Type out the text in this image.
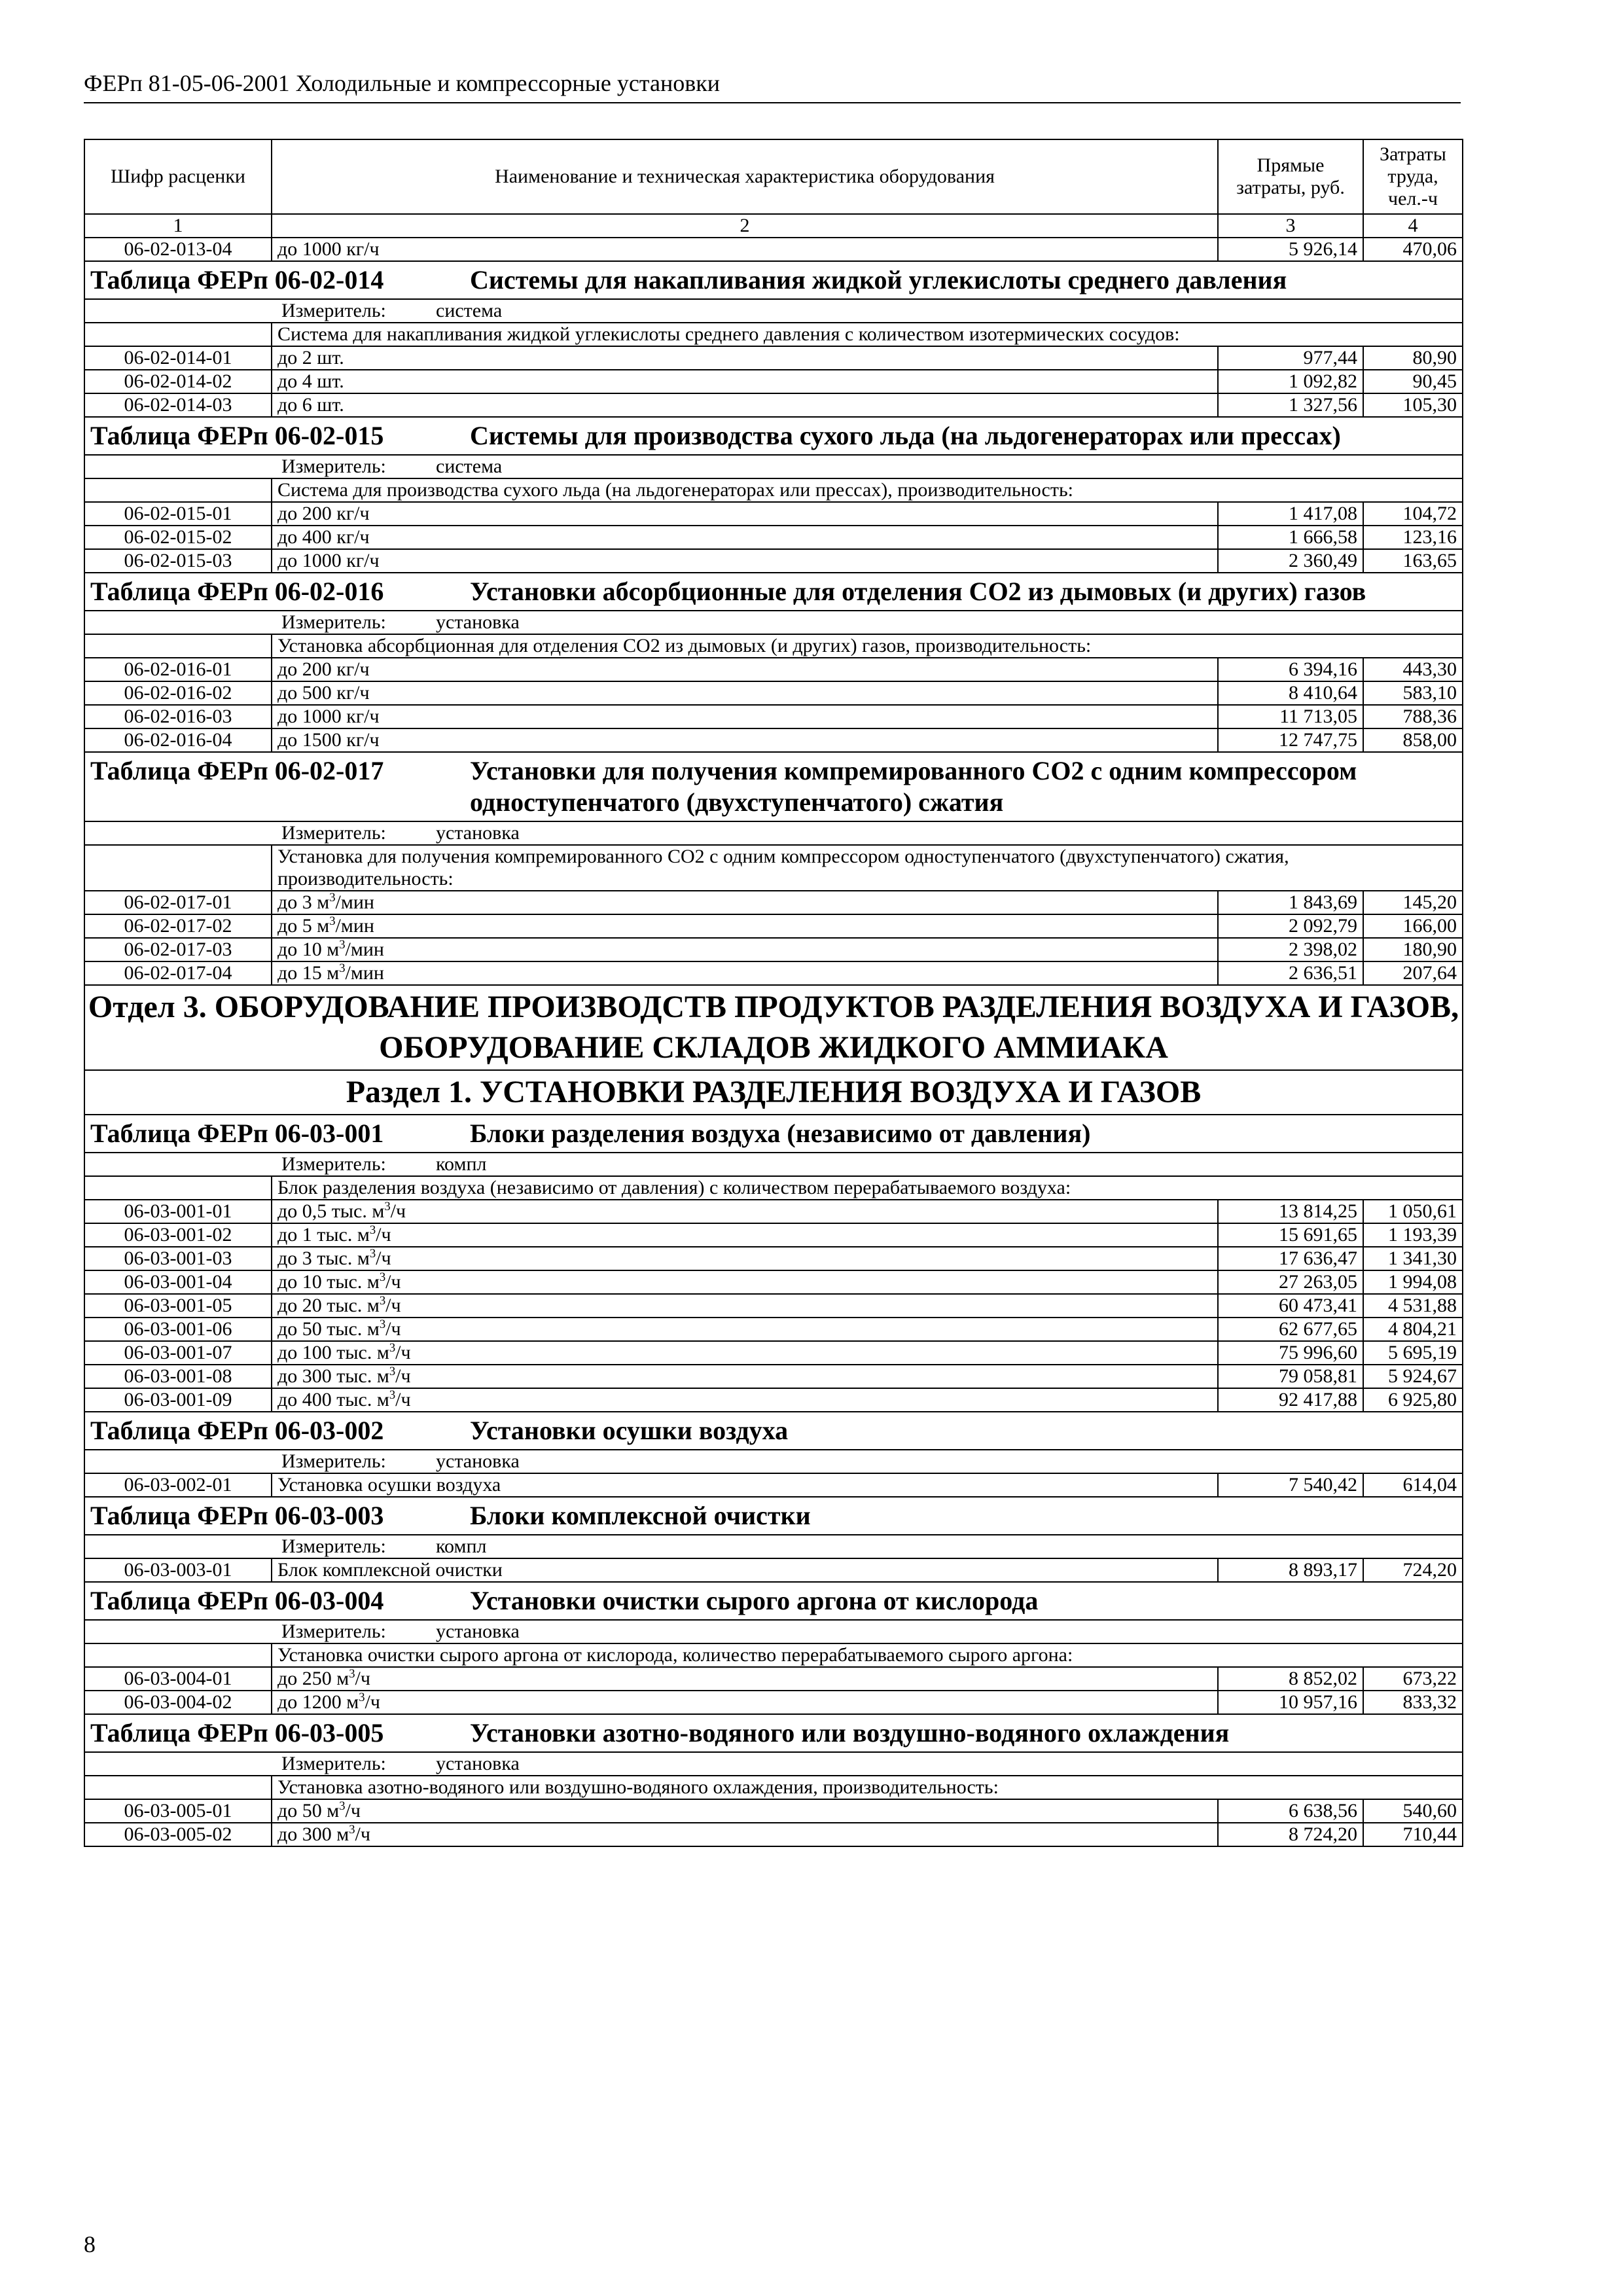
ФЕРп 81-05-06-2001 Холодильные и компрессорные установки
Шифр расценки	Наименование и техническая характеристика оборудования	Прямые затраты, руб.	Затраты труда, чел.-ч
1	2	3	4
06-02-013-04	до 1000 кг/ч	5 926,14	470,06
Таблица ФЕРп 06-02-014 Системы для накапливания жидкой углекислоты среднего давления			
Измеритель: система			
	Система для накапливания жидкой углекислоты среднего давления с количеством изотермических сосудов:		
06-02-014-01	до 2 шт.	977,44	80,90
06-02-014-02	до 4 шт.	1 092,82	90,45
06-02-014-03	до 6 шт.	1 327,56	105,30
Таблица ФЕРп 06-02-015 Системы для производства сухого льда (на льдогенераторах или прессах)			
Измеритель: система			
	Система для производства сухого льда (на льдогенераторах или прессах), производительность:		
06-02-015-01	до 200 кг/ч	1 417,08	104,72
06-02-015-02	до 400 кг/ч	1 666,58	123,16
06-02-015-03	до 1000 кг/ч	2 360,49	163,65
Таблица ФЕРп 06-02-016 Установки абсорбционные для отделения СО2 из дымовых (и других) газов			
Измеритель: установка			
	Установка абсорбционная для отделения СО2 из дымовых (и других) газов, производительность:		
06-02-016-01	до 200 кг/ч	6 394,16	443,30
06-02-016-02	до 500 кг/ч	8 410,64	583,10
06-02-016-03	до 1000 кг/ч	11 713,05	788,36
06-02-016-04	до 1500 кг/ч	12 747,75	858,00
Таблица ФЕРп 06-02-017 Установки для получения компремированного СО2 с одним компрессором одноступенчатого (двухступенчатого) сжатия			
Измеритель: установка			
	Установка для получения компремированного СО2 с одним компрессором одноступенчатого (двухступенчатого) сжатия, производительность:		
06-02-017-01	до 3 $м^3$/мин	1 843,69	145,20
06-02-017-02	до 5 $м^3$/мин	2 092,79	166,00
06-02-017-03	до 10 $м^3$/мин	2 398,02	180,90
06-02-017-04	до 15 $м^3$/мин	2 636,51	207,64
Отдел 3. ОБОРУДОВАНИЕ ПРОИЗВОДСТВ ПРОДУКТОВ РАЗДЕЛЕНИЯ ВОЗДУХА И ГАЗОВ, ОБОРУДОВАНИЕ СКЛАДОВ ЖИДКОГО АММИАКА			
Раздел 1. УСТАНОВКИ РАЗДЕЛЕНИЯ ВОЗДУХА И ГАЗОВ			
Таблица ФЕРп 06-03-001 Блоки разделения воздуха (независимо от давления)			
Измеритель: компл			
	Блок разделения воздуха (независимо от давления) с количеством перерабатываемого воздуха:		
06-03-001-01	до 0,5 тыс. $м^3/ч$	13 814,25	1 050,61
06-03-001-02	до 1 тыс. $м^3/ч$	15 691,65	1 193,39
06-03-001-03	до 3 тыс. $м^3/ч$	17 636,47	1 341,30
06-03-001-04	до 10 тыс. $м^3/ч$	27 263,05	1 994,08
06-03-001-05	до 20 тыс. $м^3/ч$	60 473,41	4 531,88
06-03-001-06	до 50 тыс. $м^3/ч$	62 677,65	4 804,21
06-03-001-07	до 100 тыс. $м^3/ч$	75 996,60	5 695,19
06-03-001-08	до 300 тыс. $м^3/ч$	79 058,81	5 924,67
06-03-001-09	до 400 тыс. $м^3/ч$	92 417,88	6 925,80
Таблица ФЕРп 06-03-002 Установки осушки воздуха			
Измеритель: установка			
06-03-002-01	Установка осушки воздуха	7 540,42	614,04
Таблица ФЕРп 06-03-003 Блоки комплексной очистки			
Измеритель: компл			
06-03-003-01	Блок комплексной очистки	8 893,17	724,20
Таблица ФЕРп 06-03-004 Установки очистки сырого аргона от кислорода			
Измеритель: установка			
	Установка очистки сырого аргона от кислорода, количество перерабатываемого сырого аргона:		
06-03-004-01	до 250 $м^3/ч$	8 852,02	673,22
06-03-004-02	до 1200 $м^3/ч$	10 957,16	833,32
Таблица ФЕРп 06-03-005 Установки азотно-водяного или воздушно-водяного охлаждения			
Измеритель: установка			
	Установка азотно-водяного или воздушно-водяного охлаждения, производительность:		
06-03-005-01	до 50 $м^3/ч$	6 638,56	540,60
06-03-005-02	до 300 $м^3/ч$	8 724,20	710,44
8
